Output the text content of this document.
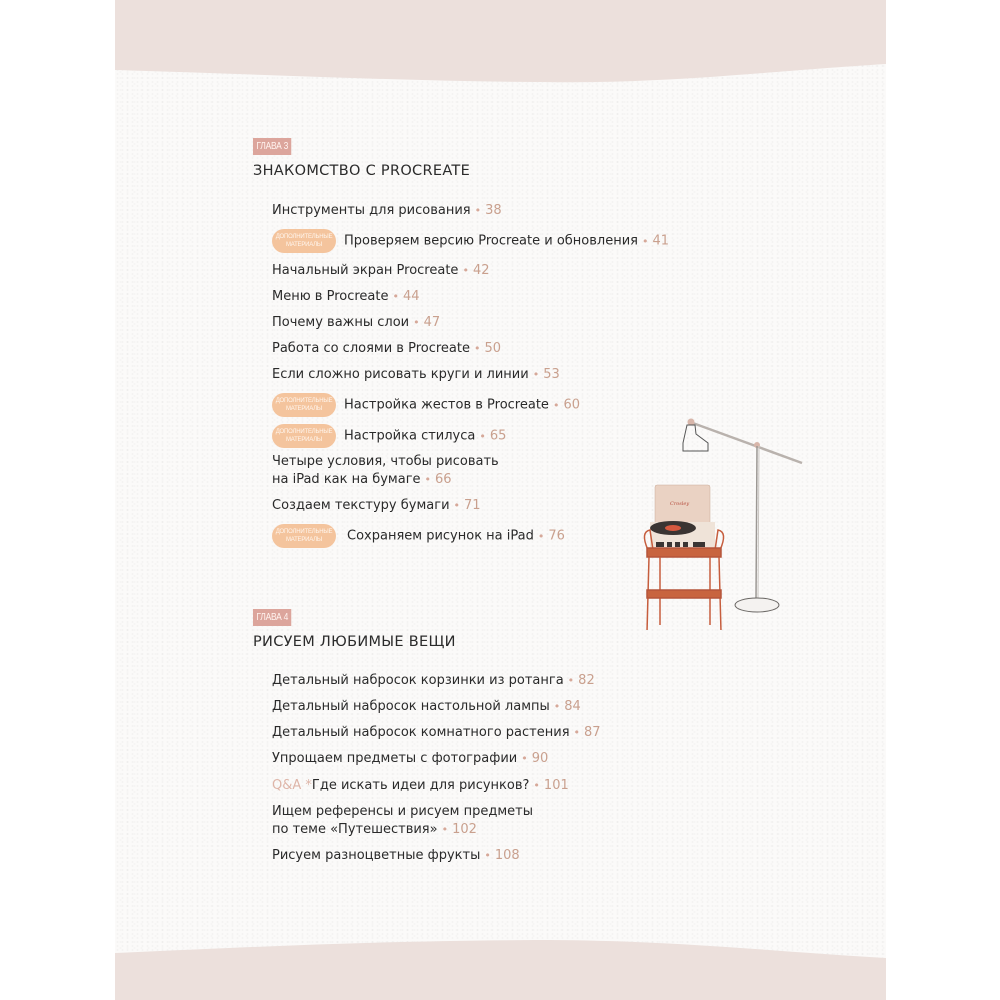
ГЛАВА 3
ЗНАКОМСТВО С PROCREATE
Инструменты для рисования • 38
ДОПОЛНИТЕЛЬНЫЕ
МАТЕРИАЛЫ Проверяем версию Procreate и обновления • 41
Начальный экран Procreate • 42
Меню в Procreate • 44
Почему важны слои • 47
Работа со слоями в Procreate • 50
Если сложно рисовать круги и линии • 53
ДОПОЛНИТЕЛЬНЫЕ
МАТЕРИАЛЫ Настройка жестов в Procreate • 60
ДОПОЛНИТЕЛЬНЫЕ
МАТЕРИАЛЫ Настройка стилуса • 65
Четыре условия, чтобы рисовать
на iPad как на бумаге • 66
Создаем текстуру бумаги • 71
ДОПОЛНИТЕЛЬНЫЕ
МАТЕРИАЛЫ Сохраняем рисунок на iPad • 76
ГЛАВА 4
РИСУЕМ ЛЮБИМЫЕ ВЕЩИ
Детальный набросок корзинки из ротанга • 82
Детальный набросок настольной лампы • 84
Детальный набросок комнатного растения • 87
Упрощаем предметы с фотографии • 90
Q&A *Где искать идеи для рисунков? • 101
Ищем референсы и рисуем предметы
по теме «Путешествия» • 102
Рисуем разноцветные фрукты • 108
Crosley
